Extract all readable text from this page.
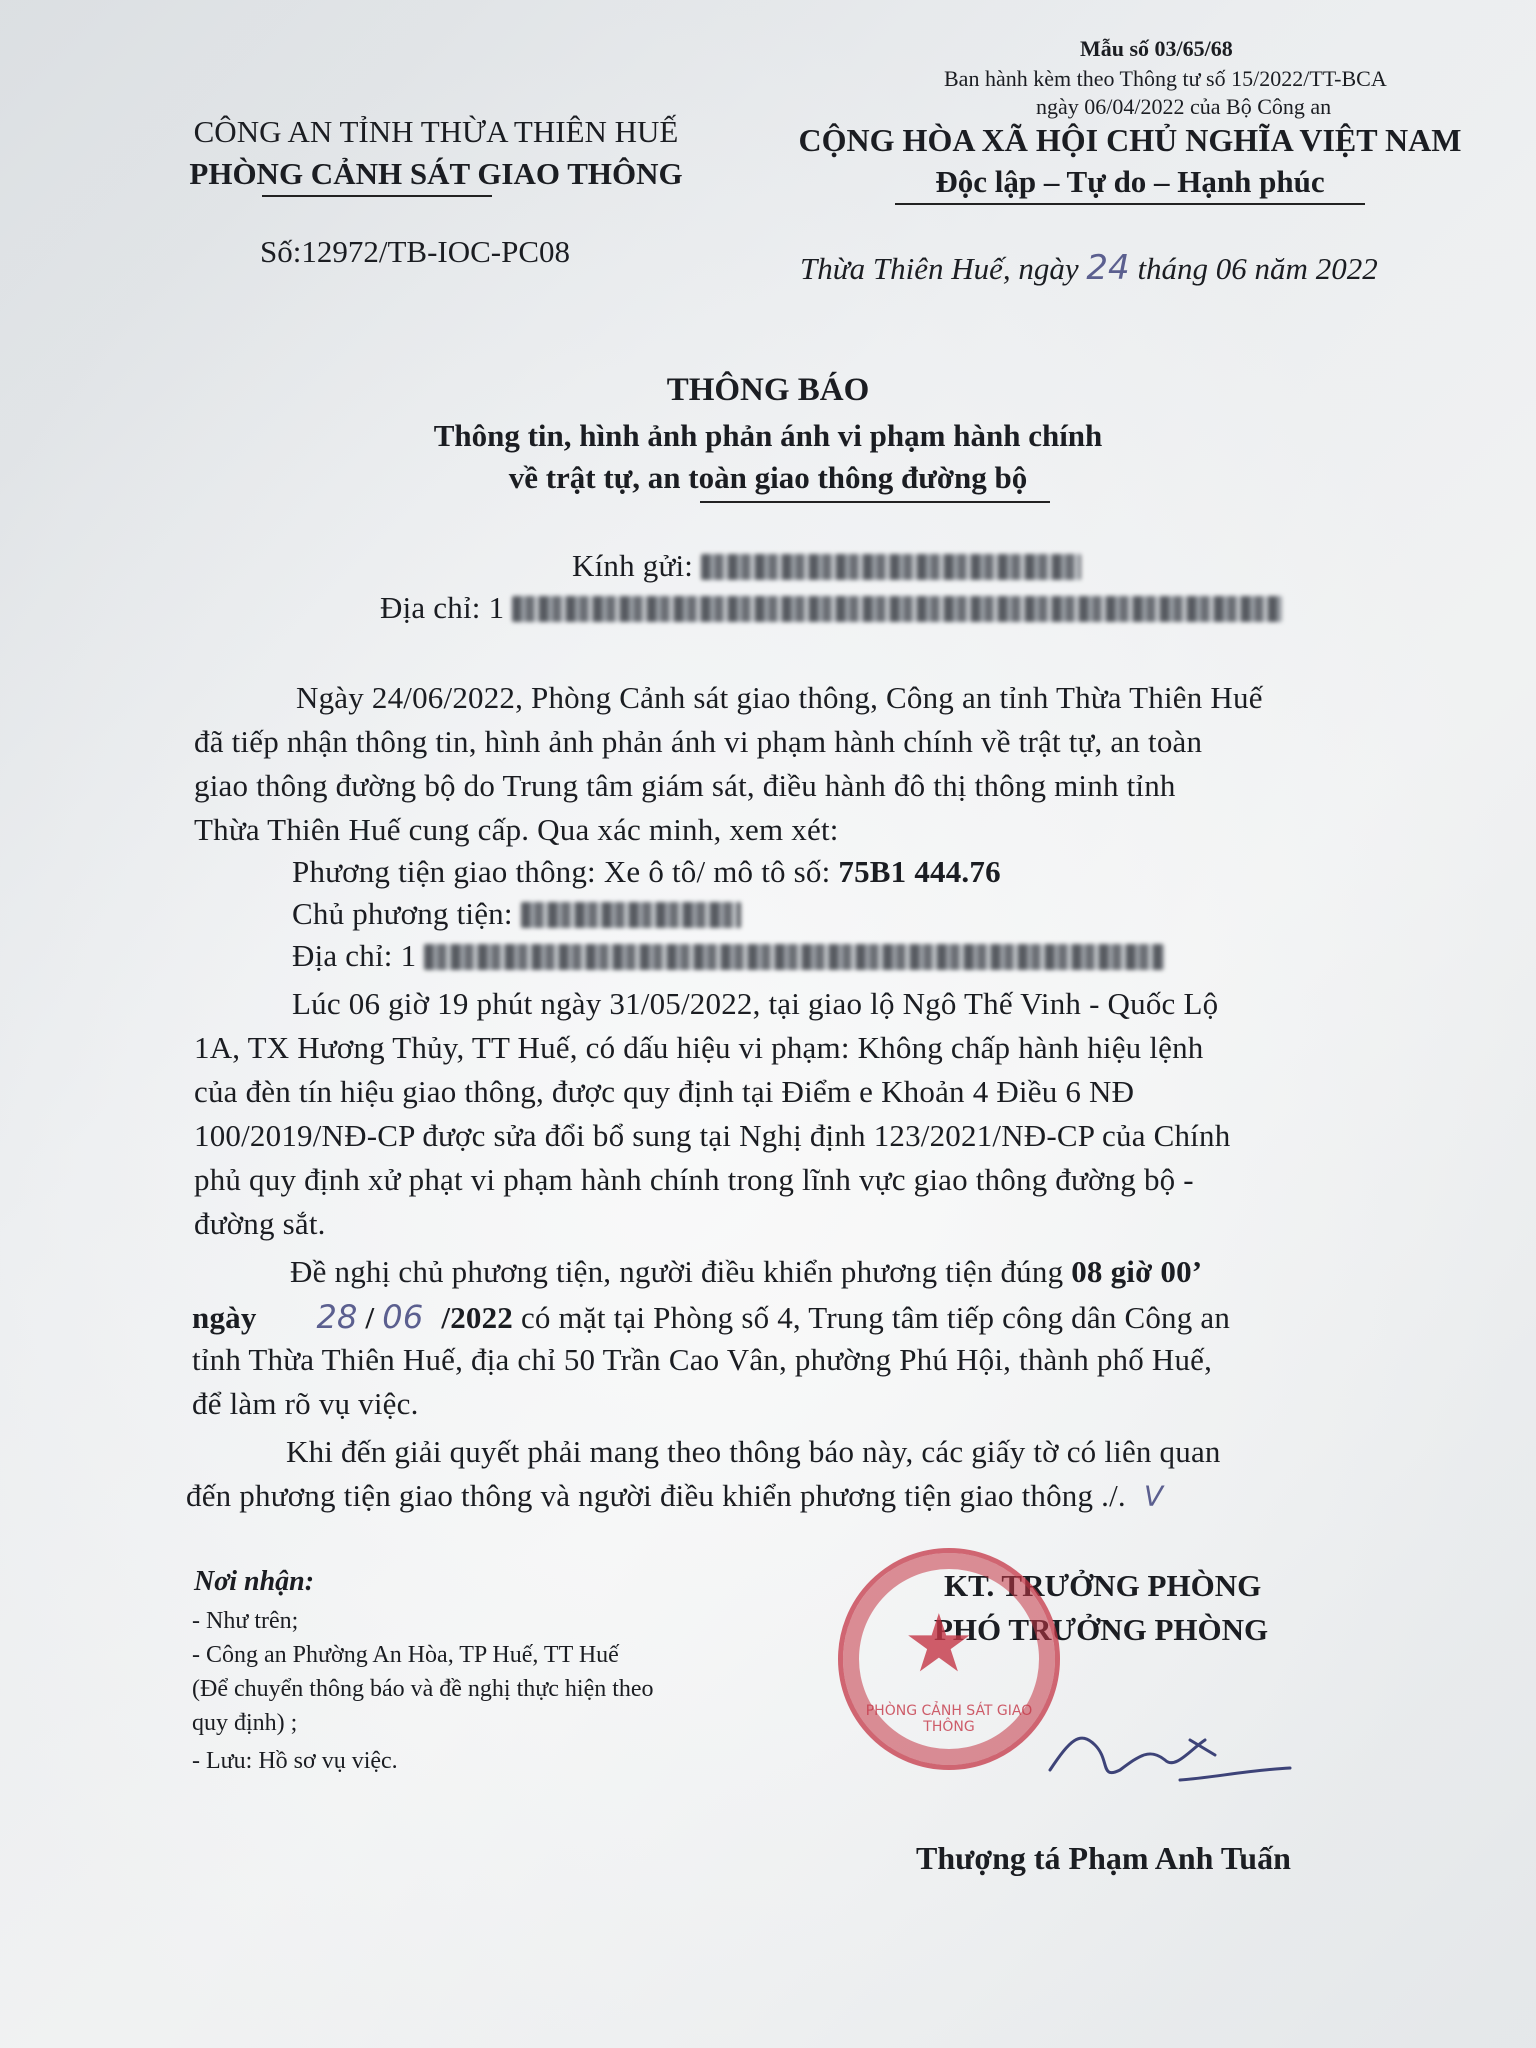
Mẫu số 03/65/68
Ban hành kèm theo Thông tư số 15/2022/TT-BCA
ngày 06/04/2022 của Bộ Công an
CÔNG AN TỈNH THỪA THIÊN HUẾ
PHÒNG CẢNH SÁT GIAO THÔNG
Số:12972/TB-IOC-PC08
CỘNG HÒA XÃ HỘI CHỦ NGHĨA VIỆT NAM
Độc lập – Tự do – Hạnh phúc
Thừa Thiên Huế, ngày 24 tháng 06 năm 2022
THÔNG BÁO
Thông tin, hình ảnh phản ánh vi phạm hành chính
về trật tự, an toàn giao thông đường bộ
Kính gửi:
Địa chỉ: 1
Ngày 24/06/2022, Phòng Cảnh sát giao thông, Công an tỉnh Thừa Thiên Huế
đã tiếp nhận thông tin, hình ảnh phản ánh vi phạm hành chính về trật tự, an toàn
giao thông đường bộ do Trung tâm giám sát, điều hành đô thị thông minh tỉnh
Thừa Thiên Huế cung cấp. Qua xác minh, xem xét:
Phương tiện giao thông: Xe ô tô/ mô tô số: 75B1 444.76
Chủ phương tiện:
Địa chỉ: 1
Lúc 06 giờ 19 phút ngày 31/05/2022, tại giao lộ Ngô Thế Vinh - Quốc Lộ
1A, TX Hương Thủy, TT Huế, có dấu hiệu vi phạm: Không chấp hành hiệu lệnh
của đèn tín hiệu giao thông, được quy định tại Điểm e Khoản 4 Điều 6 NĐ
100/2019/NĐ-CP được sửa đổi bổ sung tại Nghị định 123/2021/NĐ-CP của Chính
phủ quy định xử phạt vi phạm hành chính trong lĩnh vực giao thông đường bộ -
đường sắt.
Đề nghị chủ phương tiện, người điều khiển phương tiện đúng 08 giờ 00’
ngày 28 / 06 /2022 có mặt tại Phòng số 4, Trung tâm tiếp công dân Công an
tỉnh Thừa Thiên Huế, địa chỉ 50 Trần Cao Vân, phường Phú Hội, thành phố Huế,
để làm rõ vụ việc.
Khi đến giải quyết phải mang theo thông báo này, các giấy tờ có liên quan
đến phương tiện giao thông và người điều khiển phương tiện giao thông ./. ᐯ
Nơi nhận:
- Như trên;
- Công an Phường An Hòa, TP Huế, TT Huế
(Để chuyển thông báo và đề nghị thực hiện theo
quy định) ;
- Lưu: Hồ sơ vụ việc.
KT. TRƯỞNG PHÒNG
PHÓ TRƯỞNG PHÒNG
★
PHÒNG CẢNH SÁT GIAO THÔNG
Thượng tá Phạm Anh Tuấn
